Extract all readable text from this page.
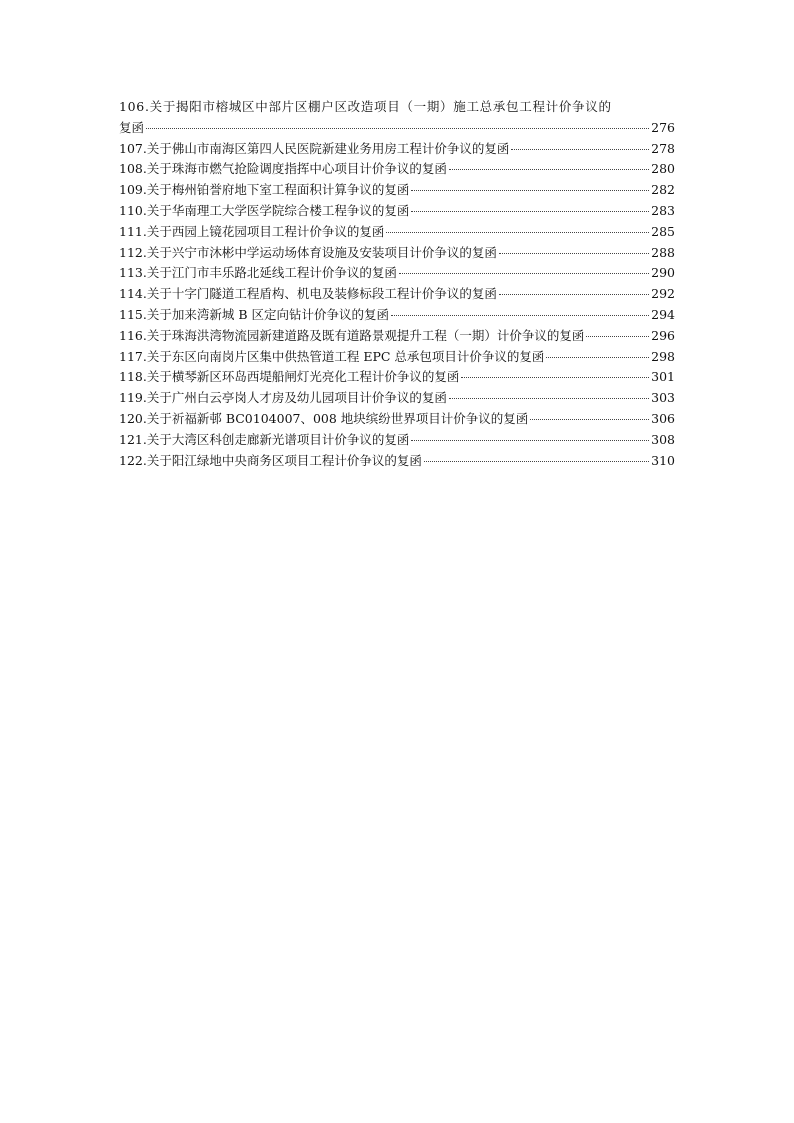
106.关于揭阳市榕城区中部片区棚户区改造项目（一期）施工总承包工程计价争议的
复函	276
107. 关于佛山市南海区第四人民医院新建业务用房工程计价争议的复函	278
108. 关于珠海市燃气抢险调度指挥中心项目计价争议的复函	280
109. 关于梅州铂誉府地下室工程面积计算争议的复函	282
110. 关于华南理工大学医学院综合楼工程争议的复函	283
111. 关于西园上镜花园项目工程计价争议的复函	285
112. 关于兴宁市沐彬中学运动场体育设施及安装项目计价争议的复函	288
113. 关于江门市丰乐路北延线工程计价争议的复函	290
114. 关于十字门隧道工程盾构、机电及装修标段工程计价争议的复函	292
115. 关于加来湾新城 B 区定向钻计价争议的复函	294
116. 关于珠海洪湾物流园新建道路及既有道路景观提升工程（一期）计价争议的复函	296
117. 关于东区向南岗片区集中供热管道工程 EPC 总承包项目计价争议的复函	298
118. 关于横琴新区环岛西堤船闸灯光亮化工程计价争议的复函	301
119. 关于广州白云亭岗人才房及幼儿园项目计价争议的复函	303
120. 关于祈福新邨 BC0104007、008 地块缤纷世界项目计价争议的复函	306
121. 关于大湾区科创走廊新光谱项目计价争议的复函	308
122. 关于阳江绿地中央商务区项目工程计价争议的复函	310
